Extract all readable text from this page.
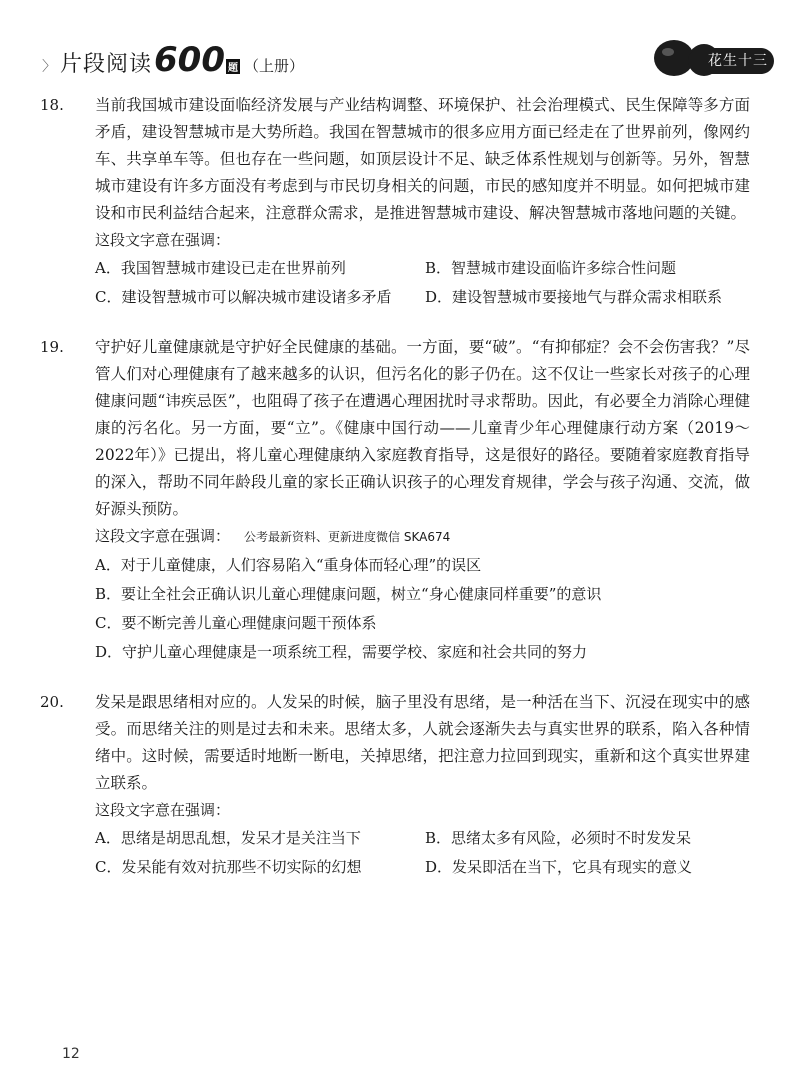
〉 片段阅读 600 题 （上册）	花生十三
18.	当前我国城市建设面临经济发展与产业结构调整、环境保护、社会治理模式、民生保障等多方面矛盾，建设智慧城市是大势所趋。我国在智慧城市的很多应用方面已经走在了世界前列，像网约车、共享单车等。但也存在一些问题，如顶层设计不足、缺乏体系性规划与创新等。另外，智慧城市建设有许多方面没有考虑到与市民切身相关的问题，市民的感知度并不明显。如何把城市建设和市民利益结合起来，注意群众需求，是推进智慧城市建设、解决智慧城市落地问题的关键。

这段文字意在强调：

A．我国智慧城市建设已走在世界前列	B．智慧城市建设面临许多综合性问题
C．建设智慧城市可以解决城市建设诸多矛盾	D．建设智慧城市要接地气与群众需求相联系
19.	守护好儿童健康就是守护好全民健康的基础。一方面，要“破”。“有抑郁症？会不会伤害我？”尽管人们对心理健康有了越来越多的认识，但污名化的影子仍在。这不仅让一些家长对孩子的心理健康问题“讳疾忌医”，也阻碍了孩子在遭遇心理困扰时寻求帮助。因此，有必要全力消除心理健康的污名化。另一方面，要“立”。《健康中国行动——儿童青少年心理健康行动方案（2019～2022年）》已提出，将儿童心理健康纳入家庭教育指导，这是很好的路径。要随着家庭教育指导的深入，帮助不同年龄段儿童的家长正确认识孩子的心理发育规律，学会与孩子沟通、交流，做好源头预防。

这段文字意在强调： 公考最新资料、更新进度微信 SKA674

A．对于儿童健康，人们容易陷入“重身体而轻心理”的误区
B．要让全社会正确认识儿童心理健康问题，树立“身心健康同样重要”的意识
C．要不断完善儿童心理健康问题干预体系
D．守护儿童心理健康是一项系统工程，需要学校、家庭和社会共同的努力
20.	发呆是跟思绪相对应的。人发呆的时候，脑子里没有思绪，是一种活在当下、沉浸在现实中的感受。而思绪关注的则是过去和未来。思绪太多，人就会逐渐失去与真实世界的联系，陷入各种情绪中。这时候，需要适时地断一断电，关掉思绪，把注意力拉回到现实，重新和这个真实世界建立联系。

这段文字意在强调：

A．思绪是胡思乱想，发呆才是关注当下	B．思绪太多有风险，必须时不时发发呆
C．发呆能有效对抗那些不切实际的幻想	D．发呆即活在当下，它具有现实的意义
12
